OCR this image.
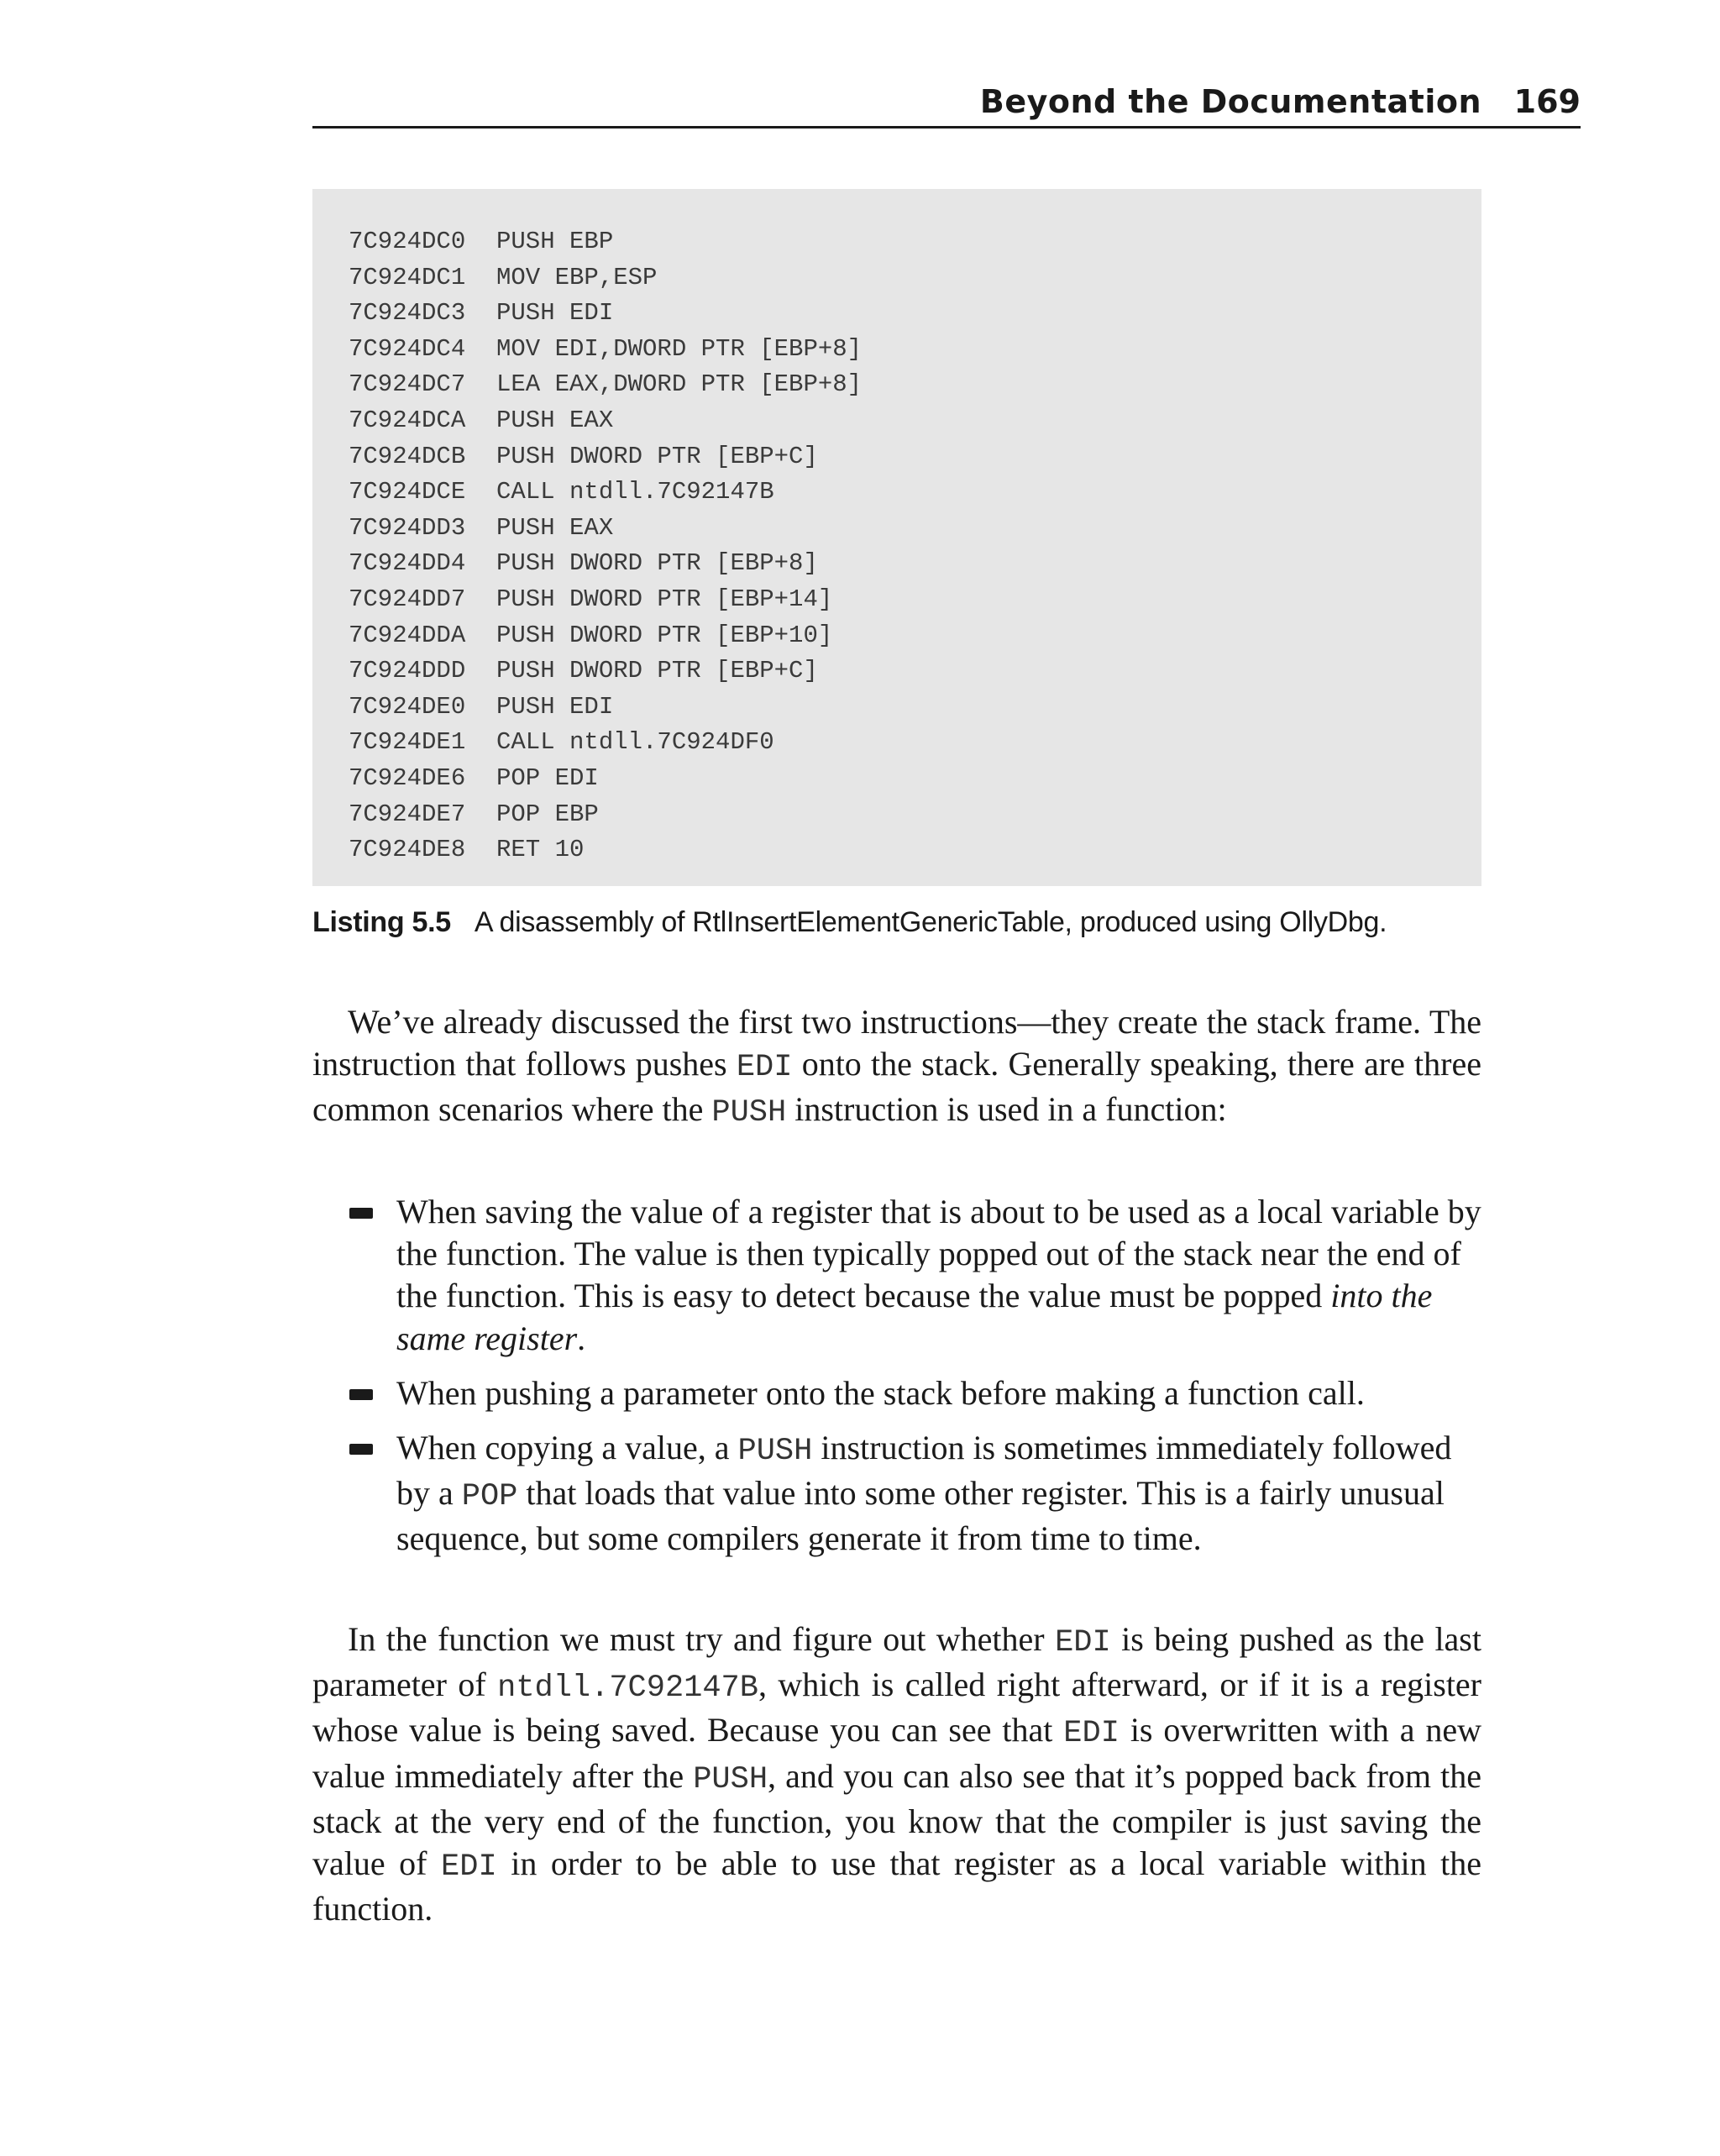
Beyond the Documentation 169
7C924DC0	PUSH EBP
7C924DC1	MOV EBP,ESP
7C924DC3	PUSH EDI
7C924DC4	MOV EDI,DWORD PTR [EBP+8]
7C924DC7	LEA EAX,DWORD PTR [EBP+8]
7C924DCA	PUSH EAX
7C924DCB	PUSH DWORD PTR [EBP+C]
7C924DCE	CALL ntdll.7C92147B
7C924DD3	PUSH EAX
7C924DD4	PUSH DWORD PTR [EBP+8]
7C924DD7	PUSH DWORD PTR [EBP+14]
7C924DDA	PUSH DWORD PTR [EBP+10]
7C924DDD	PUSH DWORD PTR [EBP+C]
7C924DE0	PUSH EDI
7C924DE1	CALL ntdll.7C924DF0
7C924DE6	POP EDI
7C924DE7	POP EBP
7C924DE8	RET 10
Listing 5.5 A disassembly of RtlInsertElementGenericTable, produced using OllyDbg.

We’ve already discussed the first two instructions—they create the stack frame. The instruction that follows pushes EDI onto the stack. Generally speaking, there are three common scenarios where the PUSH instruction is used in a function:

When saving the value of a register that is about to be used as a local variable by the function. The value is then typically popped out of the stack near the end of the function. This is easy to detect because the value must be popped into the same register.
When pushing a parameter onto the stack before making a function call.
When copying a value, a PUSH instruction is sometimes immediately followed by a POP that loads that value into some other register. This is a fairly unusual sequence, but some compilers generate it from time to time.

In the function we must try and figure out whether EDI is being pushed as the last parameter of ntdll.7C92147B, which is called right afterward, or if it is a register whose value is being saved. Because you can see that EDI is overwritten with a new value immediately after the PUSH, and you can also see that it’s popped back from the stack at the very end of the function, you know that the compiler is just saving the value of EDI in order to be able to use that register as a local variable within the function.
